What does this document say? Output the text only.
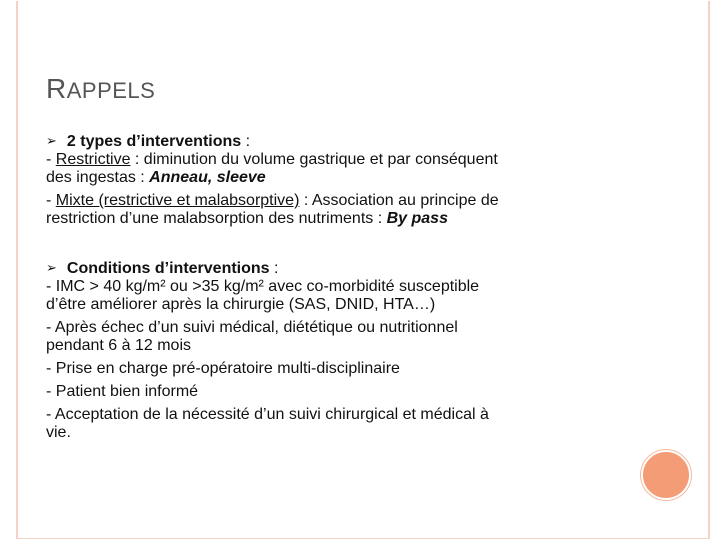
RAPPELS

➢ 2 types d’interventions :

- Restrictive : diminution du volume gastrique et par conséquent

des ingestas : Anneau, sleeve

- Mixte (restrictive et malabsorptive) : Association au principe de

restriction d’une malabsorption des nutriments : By pass

➢ Conditions d’interventions :

- IMC > 40 kg/m² ou >35 kg/m² avec co-morbidité susceptible

d’être améliorer après la chirurgie (SAS, DNID, HTA…)

- Après échec d’un suivi médical, diététique ou nutritionnel

pendant 6 à 12 mois

- Prise en charge pré-opératoire multi-disciplinaire

- Patient bien informé

- Acceptation de la nécessité d’un suivi chirurgical et médical à

vie.
